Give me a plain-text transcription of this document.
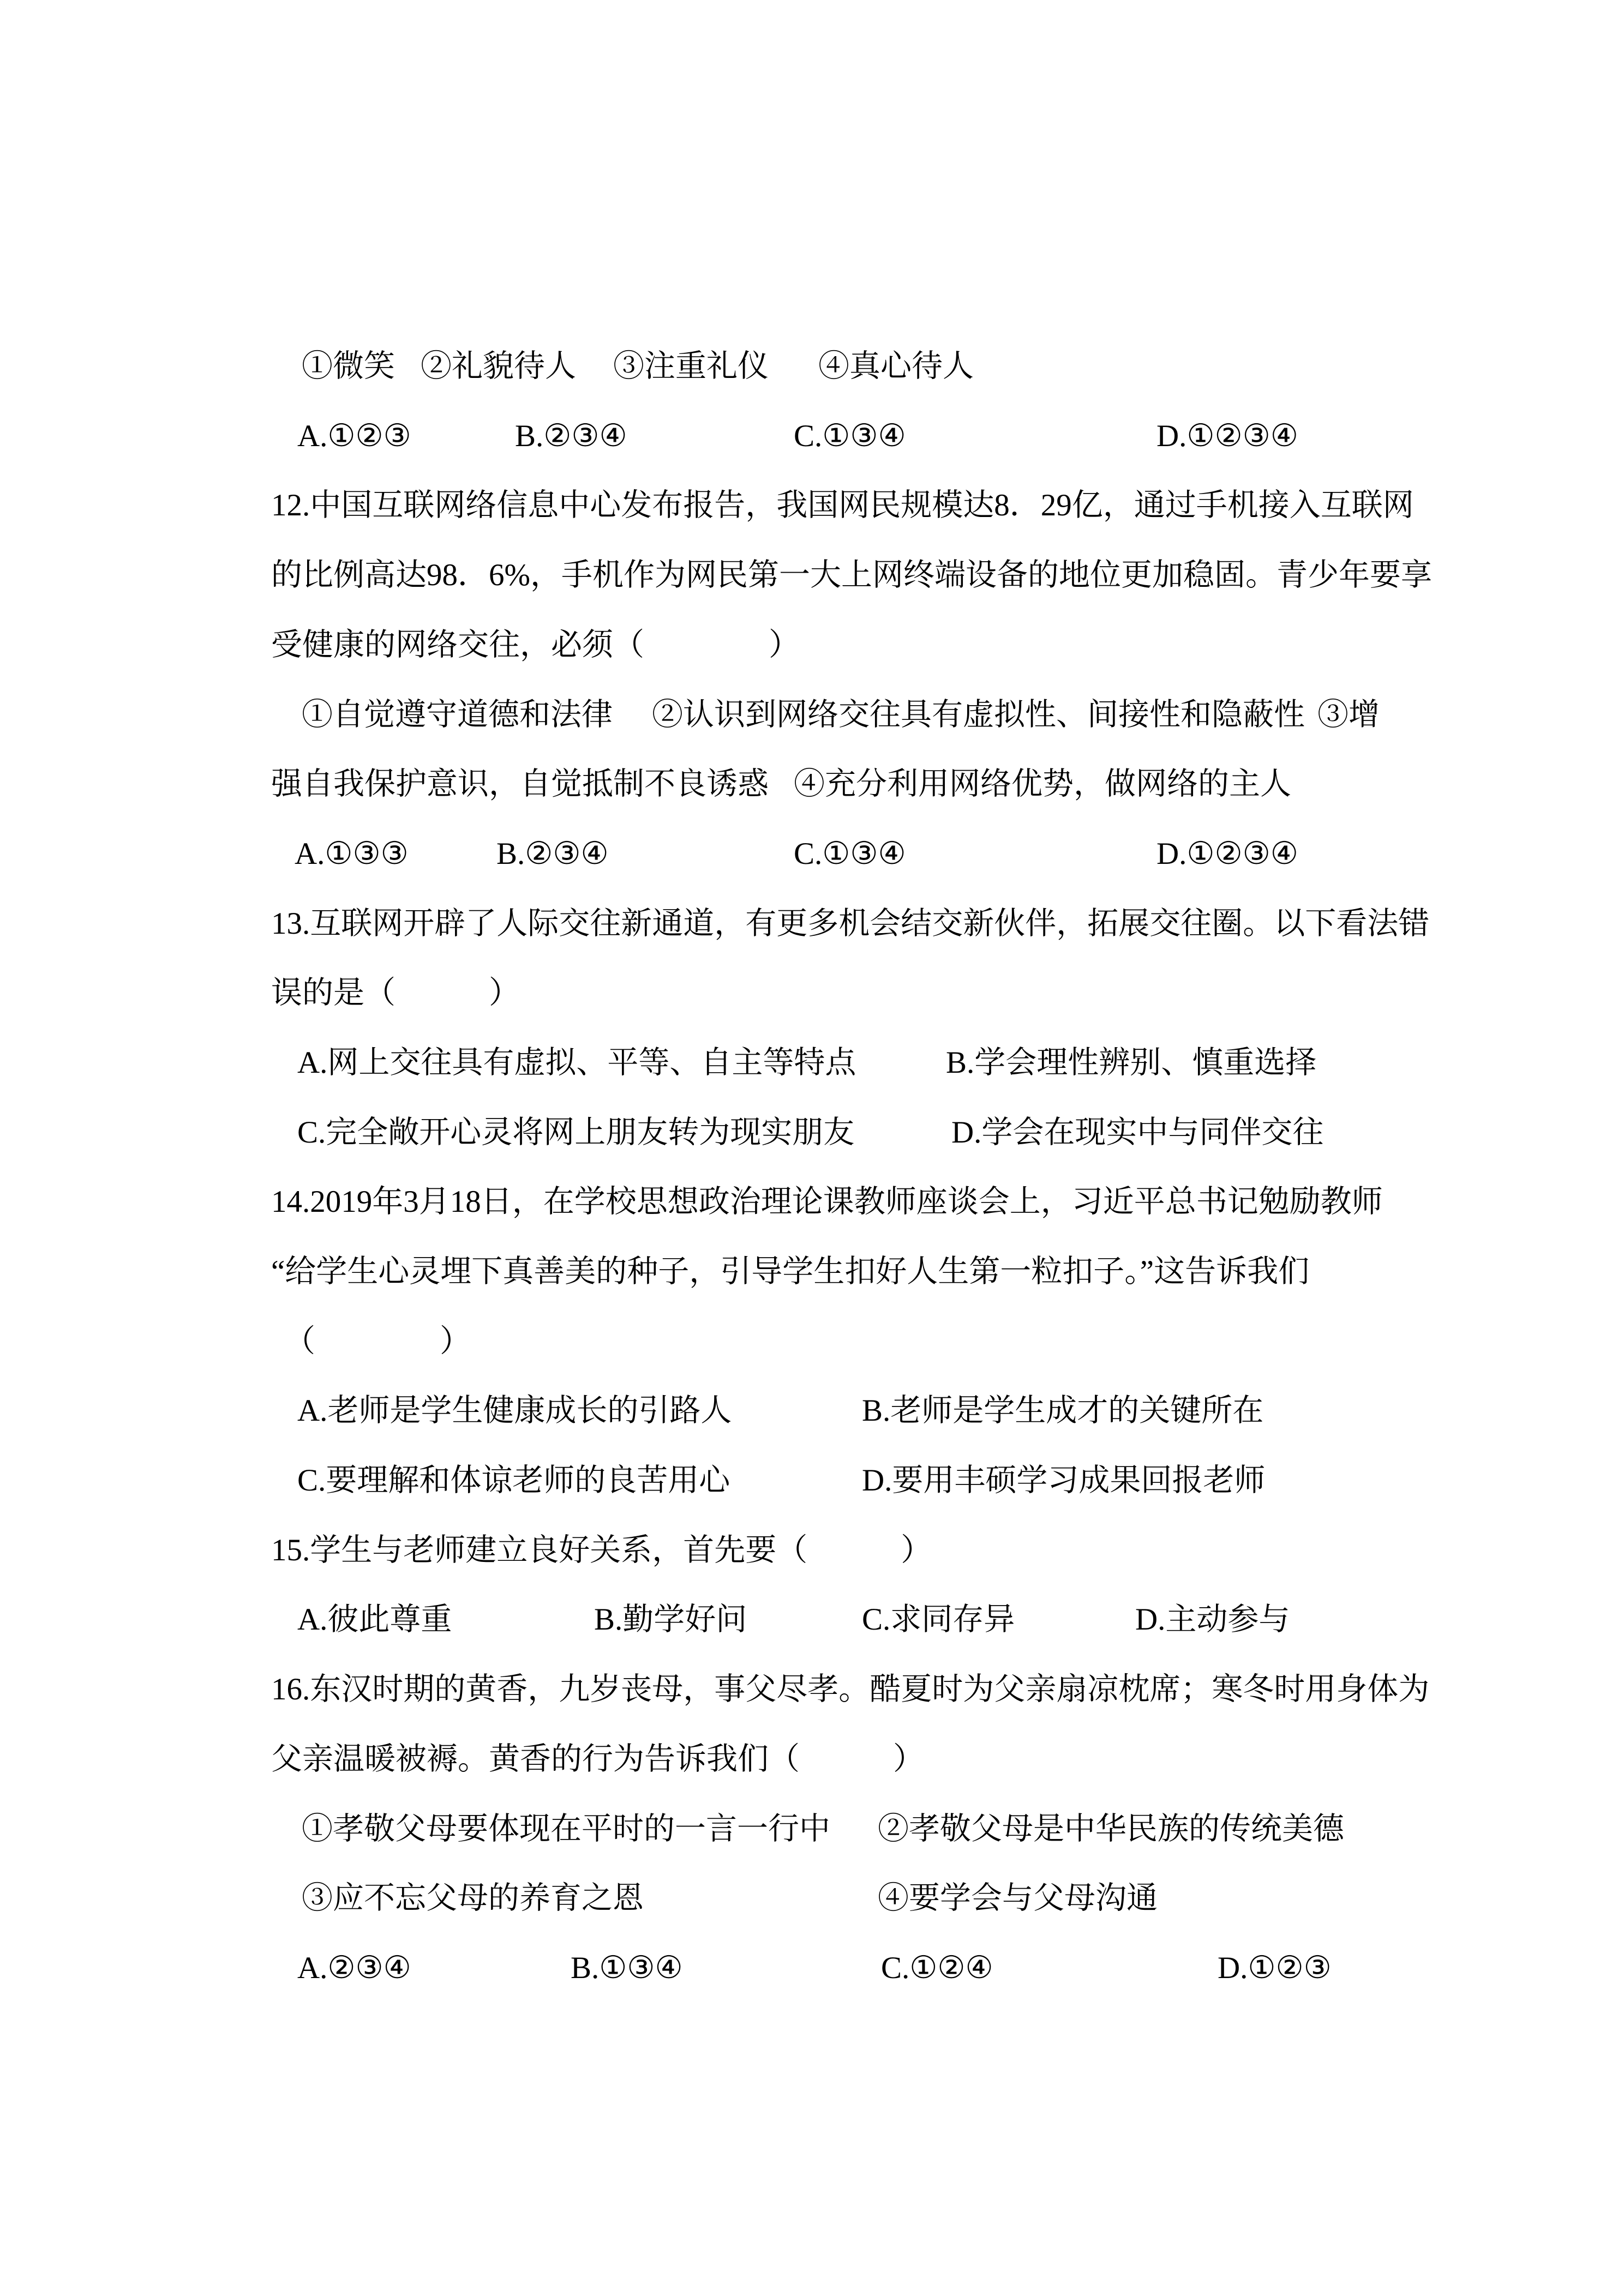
①微笑

②礼貌待人

③注重礼仪

④真心待人

A.①②③

	B.②③④

	C.①③④

	D.①②③④

12.中国互联网络信息中心发布报告，我国网民规模达8．29亿，通过手机接入互联网

的比例高达98．6%，手机作为网民第一大上网终端设备的地位更加稳固。青少年要享

受健康的网络交往，必须（　　　　）

①自觉遵守道德和法律

②认识到网络交往具有虚拟性、间接性和隐蔽性

③增

强自我保护意识，自觉抵制不良诱惑

④充分利用网络优势，做网络的主人

A.①③③

	B.②③④

	C.①③④

	D.①②③④

13.互联网开辟了人际交往新通道，有更多机会结交新伙伴，拓展交往圈。以下看法错

误的是（　　　）

A.网上交往具有虚拟、平等、自主等特点

	B.学会理性辨别、慎重选择

C.完全敞开心灵将网上朋友转为现实朋友

	D.学会在现实中与同伴交往

14.2019年3月18日，在学校思想政治理论课教师座谈会上，习近平总书记勉励教师

“给学生心灵埋下真善美的种子，引导学生扣好人生第一粒扣子。”这告诉我们

（　　　　）

A.老师是学生健康成长的引路人

	B.老师是学生成才的关键所在

C.要理解和体谅老师的良苦用心

	D.要用丰硕学习成果回报老师

15.学生与老师建立良好关系，首先要（　　　）

A.彼此尊重

	B.勤学好问

	C.求同存异

	D.主动参与

16.东汉时期的黄香，九岁丧母，事父尽孝。酷夏时为父亲扇凉枕席；寒冬时用身体为

父亲温暖被褥。黄香的行为告诉我们（　　　）

①孝敬父母要体现在平时的一言一行中

②孝敬父母是中华民族的传统美德

③应不忘父母的养育之恩

	④要学会与父母沟通

A.②③④

	B.①③④

	C.①②④

	D.①②③
